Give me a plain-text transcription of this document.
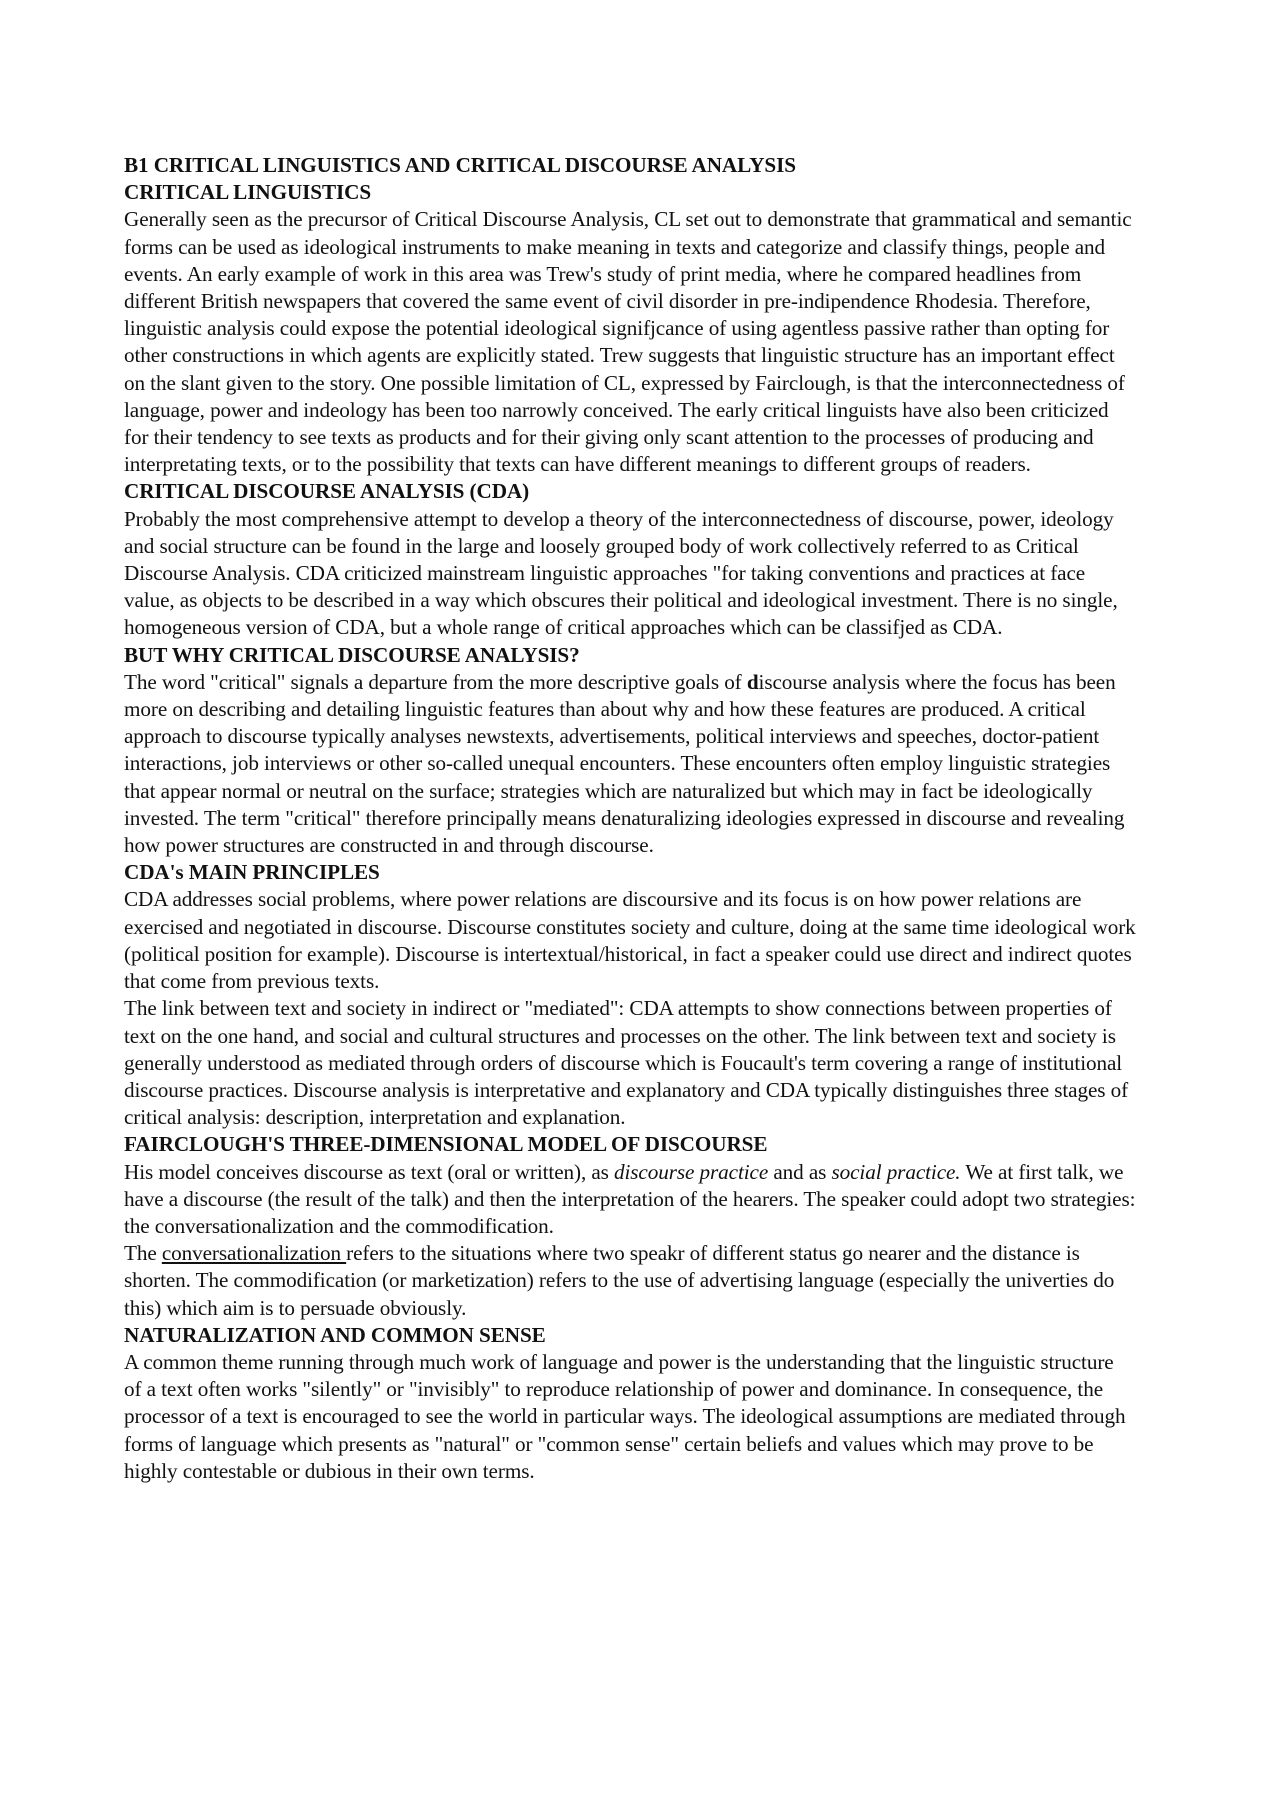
B1 CRITICAL LINGUISTICS AND CRITICAL DISCOURSE ANALYSIS
CRITICAL LINGUISTICS

Generally seen as the precursor of Critical Discourse Analysis, CL set out to demonstrate that grammatical and semantic forms can be used as ideological instruments to make meaning in texts and categorize and classify things, people and events. An early example of work in this area was Trew's study of print media, where he compared headlines from different British newspapers that covered the same event of civil disorder in pre-indipendence Rhodesia. Therefore, linguistic analysis could expose the potential ideological signifjcance of using agentless passive rather than opting for other constructions in which agents are explicitly stated. Trew suggests that linguistic structure has an important effect on the slant given to the story. One possible limitation of CL, expressed by Fairclough, is that the interconnectedness of language, power and indeology has been too narrowly conceived. The early critical linguists have also been criticized for their tendency to see texts as products and for their giving only scant attention to the processes of producing and interpretating texts, or to the possibility that texts can have different meanings to different groups of readers.

CRITICAL DISCOURSE ANALYSIS (CDA)

Probably the most comprehensive attempt to develop a theory of the interconnectedness of discourse, power, ideology and social structure can be found in the large and loosely grouped body of work collectively referred to as Critical Discourse Analysis. CDA criticized mainstream linguistic approaches "for taking conventions and practices at face value, as objects to be described in a way which obscures their political and ideological investment. There is no single, homogeneous version of CDA, but a whole range of critical approaches which can be classifjed as CDA.

BUT WHY CRITICAL DISCOURSE ANALYSIS?

The word "critical" signals a departure from the more descriptive goals of discourse analysis where the focus has been more on describing and detailing linguistic features than about why and how these features are produced. A critical approach to discourse typically analyses newstexts, advertisements, political interviews and speeches, doctor-patient interactions, job interviews or other so-called unequal encounters. These encounters often employ linguistic strategies that appear normal or neutral on the surface; strategies which are naturalized but which may in fact be ideologically invested. The term "critical" therefore principally means denaturalizing ideologies expressed in discourse and revealing how power structures are constructed in and through discourse.

CDA's MAIN PRINCIPLES

CDA addresses social problems, where power relations are discoursive and its focus is on how power relations are exercised and negotiated in discourse. Discourse constitutes society and culture, doing at the same time ideological work (political position for example). Discourse is intertextual/historical, in fact a speaker could use direct and indirect quotes that come from previous texts.

The link between text and society in indirect or "mediated": CDA attempts to show connections between properties of text on the one hand, and social and cultural structures and processes on the other. The link between text and society is generally understood as mediated through orders of discourse which is Foucault's term covering a range of institutional discourse practices. Discourse analysis is interpretative and explanatory and CDA typically distinguishes three stages of critical analysis: description, interpretation and explanation.

FAIRCLOUGH'S THREE-DIMENSIONAL MODEL OF DISCOURSE

His model conceives discourse as text (oral or written), as discourse practice and as social practice. We at first talk, we have a discourse (the result of the talk) and then the interpretation of the hearers. The speaker could adopt two strategies: the conversationalization and the commodification.

The conversationalization refers to the situations where two speakr of different status go nearer and the distance is shorten. The commodification (or marketization) refers to the use of advertising language (especially the univerties do this) which aim is to persuade obviously.

NATURALIZATION AND COMMON SENSE

A common theme running through much work of language and power is the understanding that the linguistic structure of a text often works "silently" or "invisibly" to reproduce relationship of power and dominance. In consequence, the processor of a text is encouraged to see the world in particular ways. The ideological assumptions are mediated through forms of language which presents as "natural" or "common sense" certain beliefs and values which may prove to be highly contestable or dubious in their own terms.
